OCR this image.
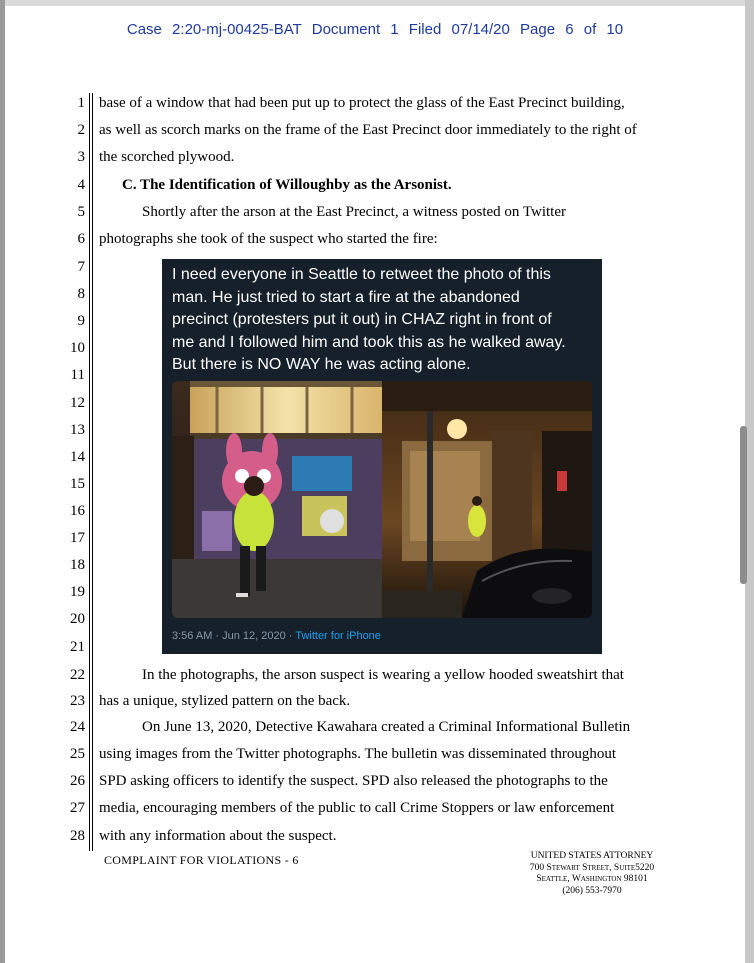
Case 2:20-mj-00425-BAT Document 1 Filed 07/14/20 Page 6 of 10
1
2
3
4
5
6
7
8
9
10
11
12
13
14
15
16
17
18
19
20
21
22
23
24
25
26
27
28
base of a window that had been put up to protect the glass of the East Precinct building,
as well as scorch marks on the frame of the East Precinct door immediately to the right of
the scorched plywood.
C. The Identification of Willoughby as the Arsonist.
Shortly after the arson at the East Precinct, a witness posted on Twitter
photographs she took of the suspect who started the fire:
I need everyone in Seattle to retweet the photo of this
man. He just tried to start a fire at the abandoned
precinct (protesters put it out) in CHAZ right in front of
me and I followed him and took this as he walked away.
But there is NO WAY he was acting alone.
3:56 AM · Jun 12, 2020 · Twitter for iPhone
In the photographs, the arson suspect is wearing a yellow hooded sweatshirt that
has a unique, stylized pattern on the back.
On June 13, 2020, Detective Kawahara created a Criminal Informational Bulletin
using images from the Twitter photographs. The bulletin was disseminated throughout
SPD asking officers to identify the suspect. SPD also released the photographs to the
media, encouraging members of the public to call Crime Stoppers or law enforcement
with any information about the suspect.
COMPLAINT FOR VIOLATIONS - 6	UNITED STATES ATTORNEY
700 Stewart Street, Suite5220
Seattle, Washington 98101
(206) 553-7970
